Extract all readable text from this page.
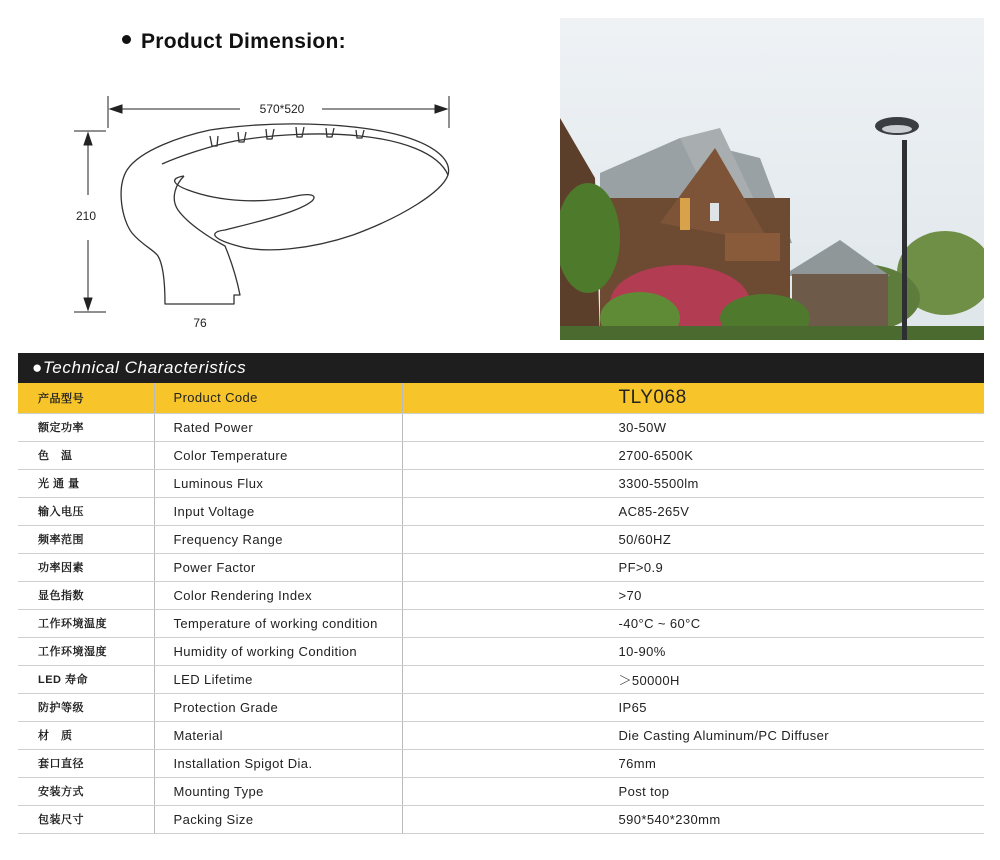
Product Dimension:
570*520
210
76
●Technical Characteristics
产品型号	Product Code	TLY068
额定功率	Rated Power	30-50W
色　温	Color Temperature	2700-6500K
光 通 量	Luminous Flux	3300-5500lm
输入电压	Input Voltage	AC85-265V
频率范围	Frequency Range	50/60HZ
功率因素	Power Factor	PF>0.9
显色指数	Color Rendering Index	>70
工作环境温度	Temperature of working condition	-40°C ~ 60°C
工作环境湿度	Humidity of working Condition	10-90%
LED 寿命	LED Lifetime	＞50000H
防护等级	Protection Grade	IP65
材　质	Material	Die Casting Aluminum/PC Diffuser
套口直径	Installation Spigot Dia.	76mm
安装方式	Mounting Type	Post top
包装尺寸	Packing Size	590*540*230mm
